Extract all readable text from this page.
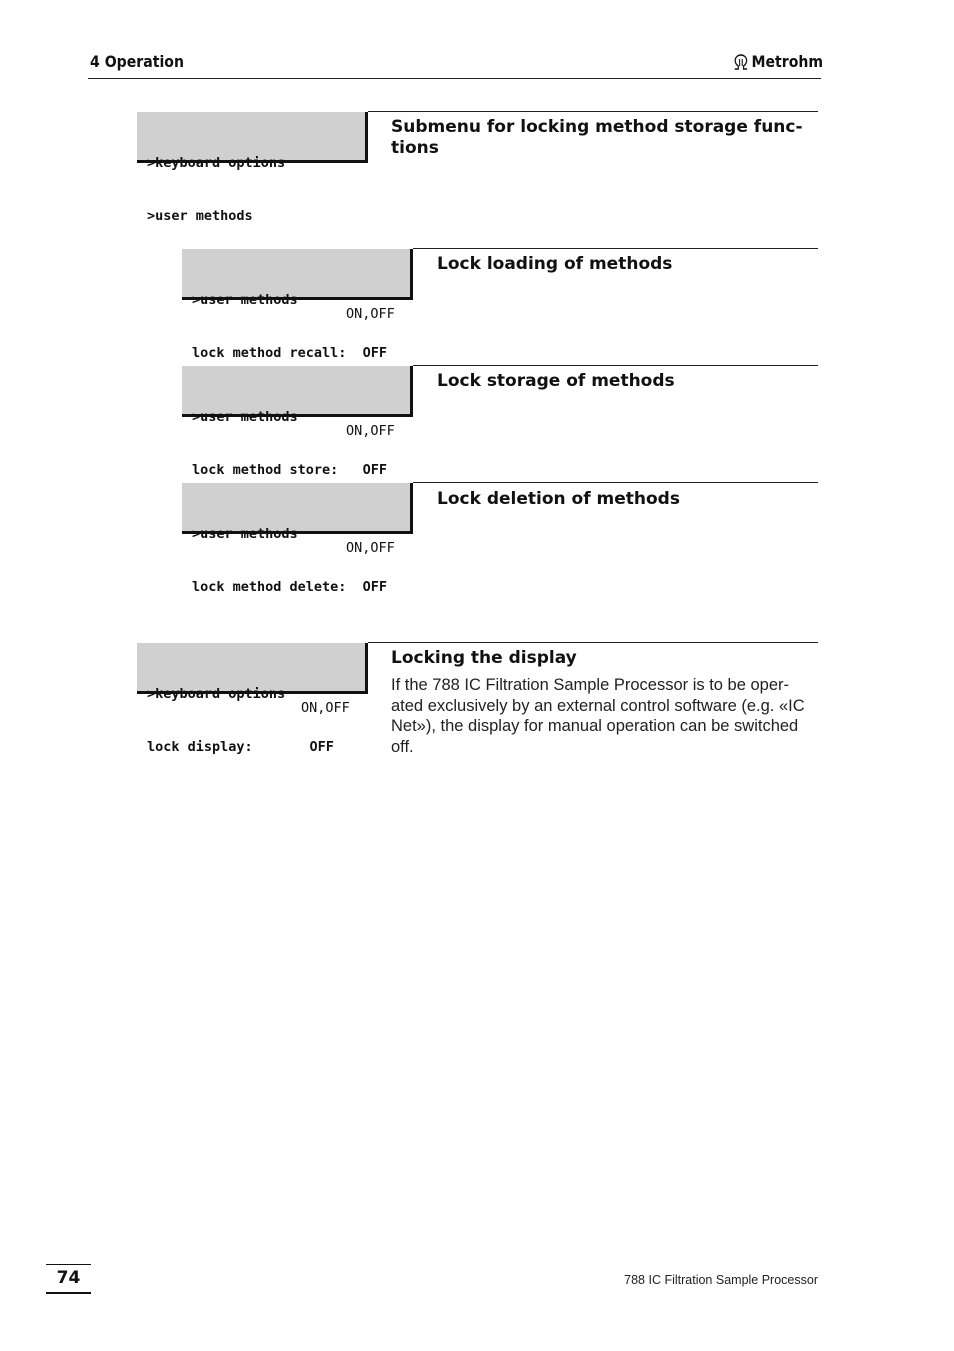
4 Operation	Metrohm

>keyboard options

>user methods

Submenu for locking method storage func-
tions

>user methods

lock method recall:  OFF

ON,OFF
Lock loading of methods

>user methods

lock method store:   OFF

ON,OFF
Lock storage of methods

>user methods

lock method delete:  OFF

ON,OFF
Lock deletion of methods

>keyboard options

lock display:       OFF

ON,OFF
Locking the display
If the 788 IC Filtration Sample Processor is to be oper-
ated exclusively by an external control software (e.g. «IC
Net»), the display for manual operation can be switched
off.
74	788 IC Filtration Sample Processor
